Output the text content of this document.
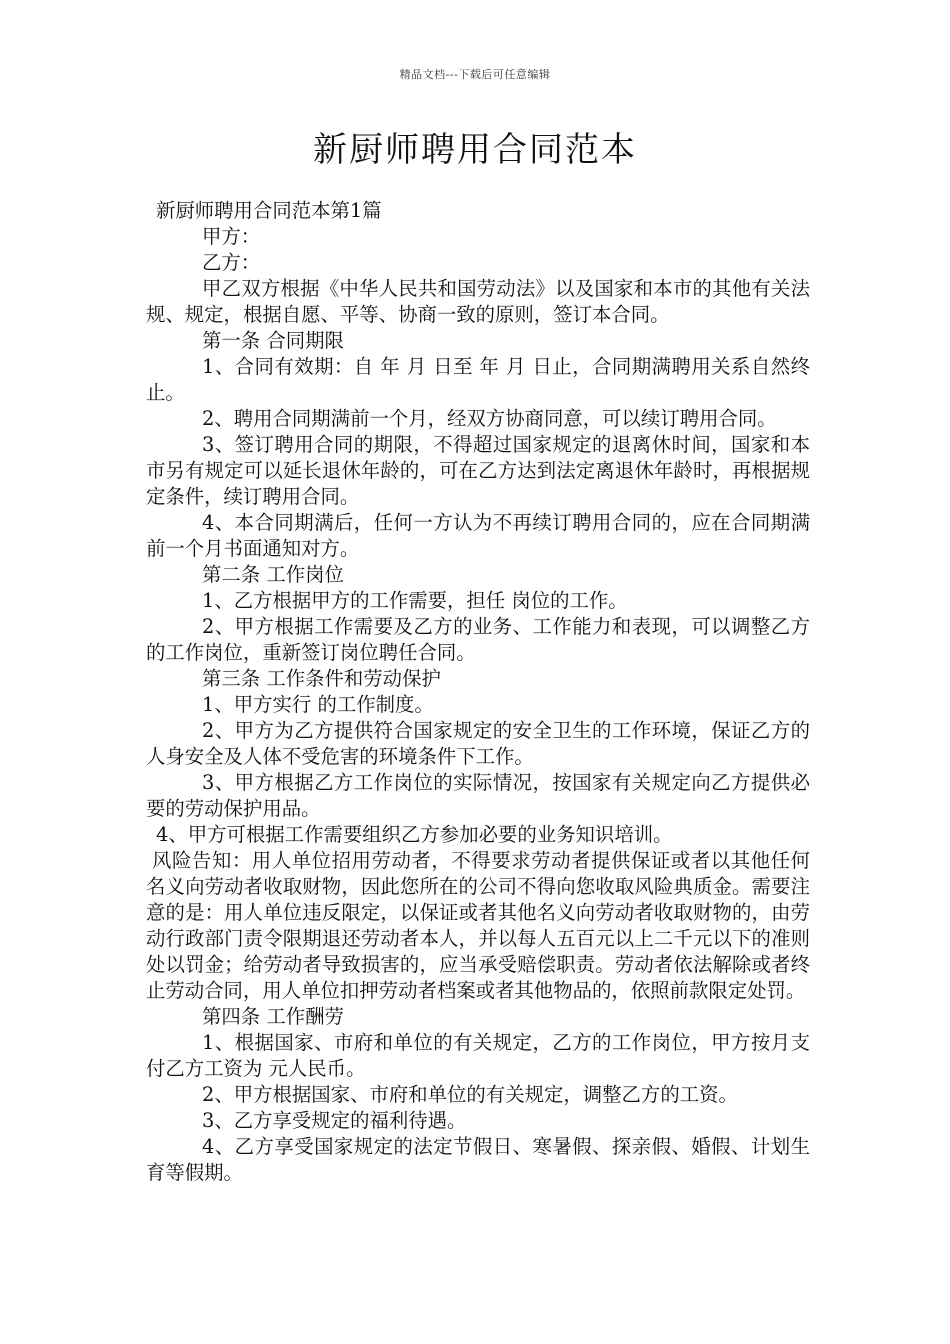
精品文档---下载后可任意编辑
新厨师聘用合同范本

新厨师聘用合同范本第1篇

甲方：

乙方：

甲乙双方根据《中华人民共和国劳动法》以及国家和本市的其他有关法规、规定，根据自愿、平等、协商一致的原则，签订本合同。

第一条 合同期限

1、合同有效期：自 年 月 日至 年 月 日止，合同期满聘用关系自然终止。

2、聘用合同期满前一个月，经双方协商同意，可以续订聘用合同。

3、签订聘用合同的期限，不得超过国家规定的退离休时间，国家和本市另有规定可以延长退休年龄的，可在乙方达到法定离退休年龄时，再根据规定条件，续订聘用合同。

4、本合同期满后，任何一方认为不再续订聘用合同的，应在合同期满前一个月书面通知对方。

第二条 工作岗位

1、乙方根据甲方的工作需要，担任 岗位的工作。

2、甲方根据工作需要及乙方的业务、工作能力和表现，可以调整乙方的工作岗位，重新签订岗位聘任合同。

第三条 工作条件和劳动保护

1、甲方实行 的工作制度。

2、甲方为乙方提供符合国家规定的安全卫生的工作环境，保证乙方的人身安全及人体不受危害的环境条件下工作。

3、甲方根据乙方工作岗位的实际情况，按国家有关规定向乙方提供必要的劳动保护用品。

4、甲方可根据工作需要组织乙方参加必要的业务知识培训。

风险告知：用人单位招用劳动者，不得要求劳动者提供保证或者以其他任何名义向劳动者收取财物，因此您所在的公司不得向您收取风险典质金。需要注意的是：用人单位违反限定，以保证或者其他名义向劳动者收取财物的，由劳动行政部门责令限期退还劳动者本人，并以每人五百元以上二千元以下的准则处以罚金；给劳动者导致损害的，应当承受赔偿职责。劳动者依法解除或者终止劳动合同，用人单位扣押劳动者档案或者其他物品的，依照前款限定处罚。

第四条 工作酬劳

1、根据国家、市府和单位的有关规定，乙方的工作岗位，甲方按月支付乙方工资为 元人民币。

2、甲方根据国家、市府和单位的有关规定，调整乙方的工资。

3、乙方享受规定的福利待遇。

4、乙方享受国家规定的法定节假日、寒暑假、探亲假、婚假、计划生育等假期。
